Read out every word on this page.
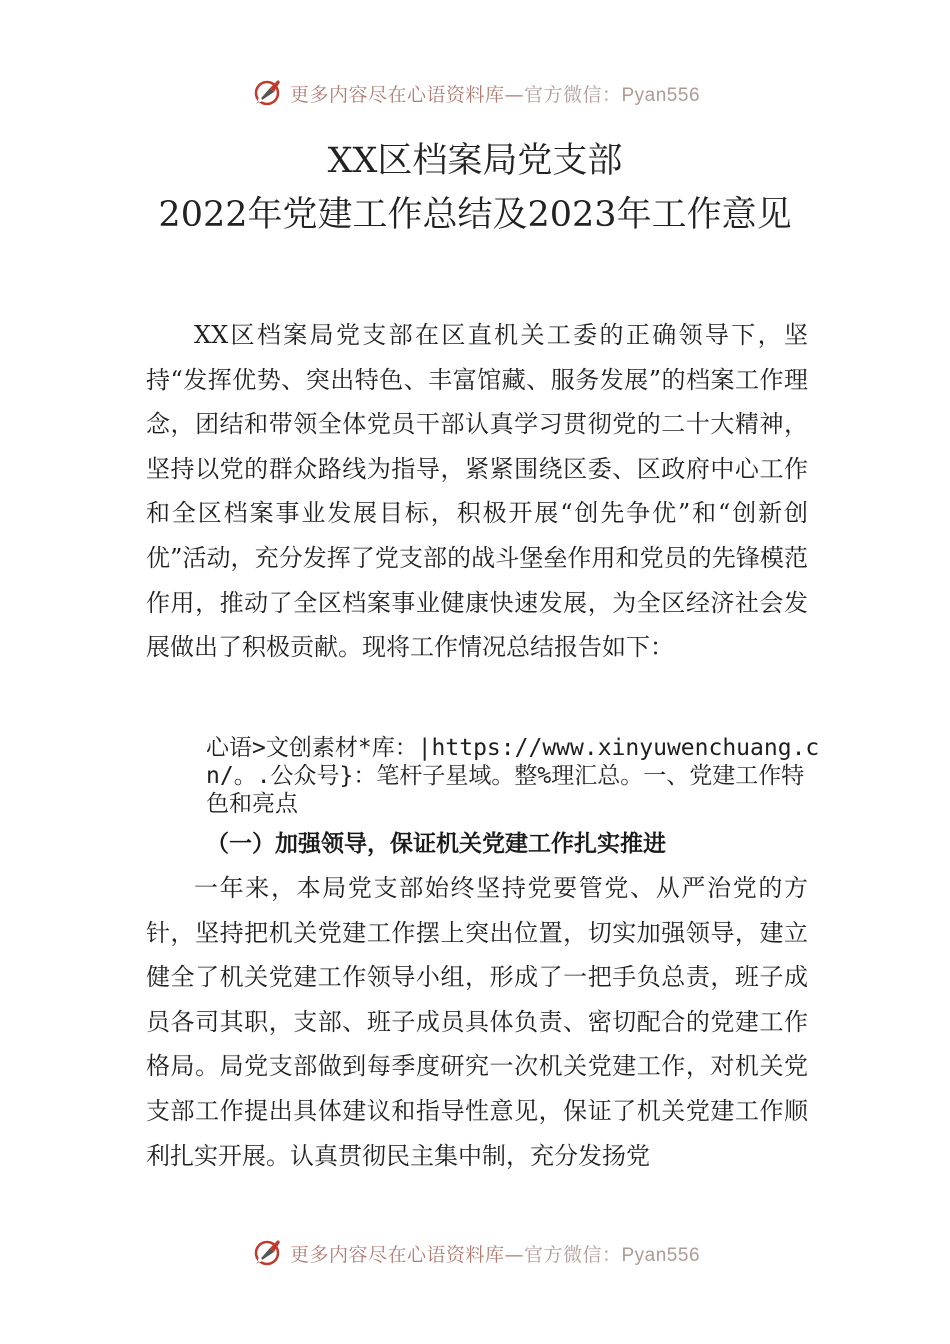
更多内容尽在心语资料库— 官方微信：Pyan556
XX区档案局党支部
2022年党建工作总结及2023年工作意见

XX区档案局党支部在区直机关工委的正确领导下，坚持“发挥优势、突出特色、丰富馆藏、服务发展”的档案工作理念，团结和带领全体党员干部认真学习贯彻党的二十大精神，坚持以党的群众路线为指导，紧紧围绕区委、区政府中心工作和全区档案事业发展目标，积极开展“创先争优”和“创新创优”活动，充分发挥了党支部的战斗堡垒作用和党员的先锋模范作用，推动了全区档案事业健康快速发展，为全区经济社会发展做出了积极贡献。现将工作情况总结报告如下：

心语>文创素材*库：|https://www.xinyuwenchuang.cn/。.公众号}：笔杆子星域。整%理汇总。一、党建工作特色和亮点

（一）加强领导，保证机关党建工作扎实推进

一年来，本局党支部始终坚持党要管党、从严治党的方针，坚持把机关党建工作摆上突出位置，切实加强领导，建立健全了机关党建工作领导小组，形成了一把手负总责，班子成员各司其职，支部、班子成员具体负责、密切配合的党建工作格局。局党支部做到每季度研究一次机关党建工作，对机关党支部工作提出具体建议和指导性意见，保证了机关党建工作顺利扎实开展。认真贯彻民主集中制，充分发扬党

更多内容尽在心语资料库— 官方微信：Pyan556
